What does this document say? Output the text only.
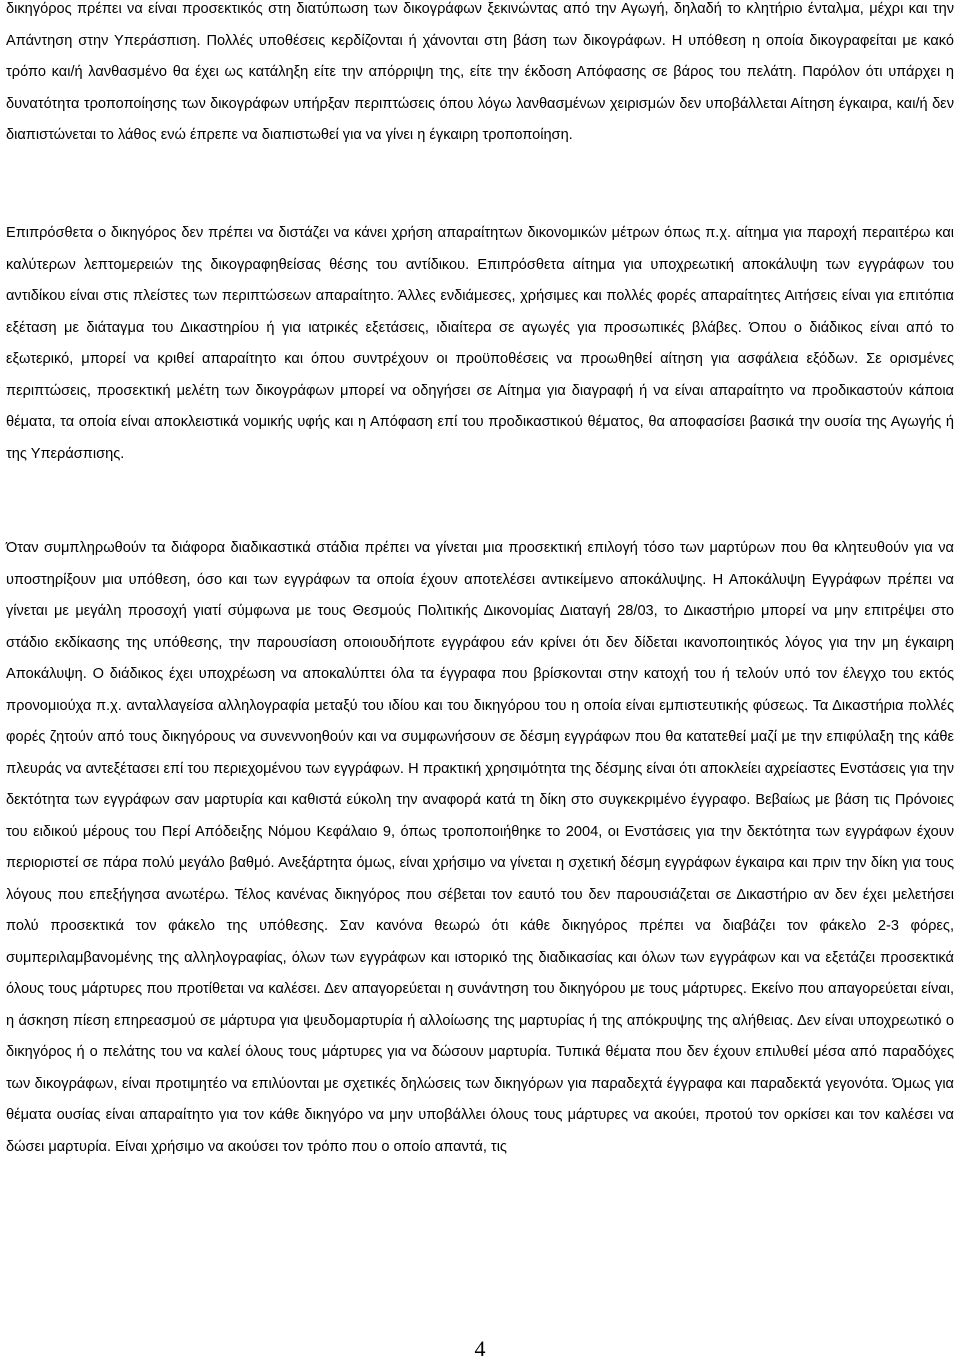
δικηγόρος πρέπει να είναι προσεκτικός στη διατύπωση των δικογράφων ξεκινώντας από την Αγωγή, δηλαδή το κλητήριο ένταλμα, μέχρι και την Απάντηση στην Υπεράσπιση. Πολλές υποθέσεις κερδίζονται ή χάνονται στη βάση των δικογράφων. Η υπόθεση η οποία δικογραφείται με κακό τρόπο και/ή λανθασμένο θα έχει ως κατάληξη είτε την απόρριψη της, είτε την έκδοση Απόφασης σε βάρος του πελάτη. Παρόλον ότι υπάρχει η δυνατότητα τροποποίησης των δικογράφων υπήρξαν περιπτώσεις όπου λόγω λανθασμένων χειρισμών δεν υποβάλλεται Αίτηση έγκαιρα, και/ή δεν διαπιστώνεται το λάθος ενώ έπρεπε να διαπιστωθεί για να γίνει η έγκαιρη τροποποίηση.

Επιπρόσθετα ο δικηγόρος δεν πρέπει να διστάζει να κάνει χρήση απαραίτητων δικονομικών μέτρων όπως π.χ. αίτημα για παροχή περαιτέρω και καλύτερων λεπτομερειών της δικογραφηθείσας θέσης του αντίδικου. Επιπρόσθετα αίτημα για υποχρεωτική αποκάλυψη των εγγράφων του αντιδίκου είναι στις πλείστες των περιπτώσεων απαραίτητο. Άλλες ενδιάμεσες, χρήσιμες και πολλές φορές απαραίτητες Αιτήσεις είναι για επιτόπια εξέταση με διάταγμα του Δικαστηρίου ή για ιατρικές εξετάσεις, ιδιαίτερα σε αγωγές για προσωπικές βλάβες. Όπου ο διάδικος είναι από το εξωτερικό, μπορεί να κριθεί απαραίτητο και όπου συντρέχουν οι προϋποθέσεις να προωθηθεί αίτηση για ασφάλεια εξόδων. Σε ορισμένες περιπτώσεις, προσεκτική μελέτη των δικογράφων μπορεί να οδηγήσει σε Αίτημα για διαγραφή ή να είναι απαραίτητο να προδικαστούν κάποια θέματα, τα οποία είναι αποκλειστικά νομικής υφής και η Απόφαση επί του προδικαστικού θέματος, θα αποφασίσει βασικά την ουσία της Αγωγής ή της Υπεράσπισης.

Όταν συμπληρωθούν τα διάφορα διαδικαστικά στάδια πρέπει να γίνεται μια προσεκτική επιλογή τόσο των μαρτύρων που θα κλητευθούν για να υποστηρίξουν μια υπόθεση, όσο και των εγγράφων τα οποία έχουν αποτελέσει αντικείμενο αποκάλυψης. Η Αποκάλυψη Εγγράφων πρέπει να γίνεται με μεγάλη προσοχή γιατί σύμφωνα με τους Θεσμούς Πολιτικής Δικονομίας Διαταγή 28/03, το Δικαστήριο μπορεί να μην επιτρέψει στο στάδιο εκδίκασης της υπόθεσης, την παρουσίαση οποιουδήποτε εγγράφου εάν κρίνει ότι δεν δίδεται ικανοποιητικός λόγος για την μη έγκαιρη Αποκάλυψη. Ο διάδικος έχει υποχρέωση να αποκαλύπτει όλα τα έγγραφα που βρίσκονται στην κατοχή του ή τελούν υπό τον έλεγχο του εκτός προνομιούχα π.χ. ανταλλαγείσα αλληλογραφία μεταξύ του ιδίου και του δικηγόρου του η οποία είναι εμπιστευτικής φύσεως. Τα Δικαστήρια πολλές φορές ζητούν από τους δικηγόρους να συνεννοηθούν και να συμφωνήσουν σε δέσμη εγγράφων που θα κατατεθεί μαζί με την επιφύλαξη της κάθε πλευράς να αντεξέτασει επί του περιεχομένου των εγγράφων. Η πρακτική χρησιμότητα της δέσμης είναι ότι αποκλείει αχρείαστες Ενστάσεις για την δεκτότητα των εγγράφων σαν μαρτυρία και καθιστά εύκολη την αναφορά κατά τη δίκη στο συγκεκριμένο έγγραφο. Βεβαίως με βάση τις Πρόνοιες του ειδικού μέρους του Περί Απόδειξης Νόμου Κεφάλαιο 9, όπως τροποποιήθηκε το 2004, οι Ενστάσεις για την δεκτότητα των εγγράφων έχουν περιοριστεί σε πάρα πολύ μεγάλο βαθμό. Ανεξάρτητα όμως, είναι χρήσιμο να γίνεται η σχετική δέσμη εγγράφων έγκαιρα και πριν την δίκη για τους λόγους που επεξήγησα ανωτέρω. Τέλος κανένας δικηγόρος που σέβεται τον εαυτό του δεν παρουσιάζεται σε Δικαστήριο αν δεν έχει μελετήσει πολύ προσεκτικά τον φάκελο της υπόθεσης. Σαν κανόνα θεωρώ ότι κάθε δικηγόρος πρέπει να διαβάζει τον φάκελο 2-3 φόρες, συμπεριλαμβανομένης της αλληλογραφίας, όλων των εγγράφων και ιστορικό της διαδικασίας και όλων των εγγράφων και να εξετάζει προσεκτικά όλους τους μάρτυρες που προτίθεται να καλέσει. Δεν απαγορεύεται η συνάντηση του δικηγόρου με τους μάρτυρες. Εκείνο που απαγορεύεται είναι, η άσκηση πίεση επηρεασμού σε μάρτυρα για ψευδομαρτυρία ή αλλοίωσης της μαρτυρίας ή της απόκρυψης της αλήθειας. Δεν είναι υποχρεωτικό ο δικηγόρος ή ο πελάτης του να καλεί όλους τους μάρτυρες για να δώσουν μαρτυρία. Τυπικά θέματα που δεν έχουν επιλυθεί μέσα από παραδόχες των δικογράφων, είναι προτιμητέο να επιλύονται με σχετικές δηλώσεις των δικηγόρων για παραδεχτά έγγραφα και παραδεκτά γεγονότα. Όμως για θέματα ουσίας είναι απαραίτητο για τον κάθε δικηγόρο να μην υποβάλλει όλους τους μάρτυρες να ακούει, προτού τον ορκίσει και τον καλέσει να δώσει μαρτυρία. Είναι χρήσιμο να ακούσει τον τρόπο που ο οποίο απαντά, τις

4
